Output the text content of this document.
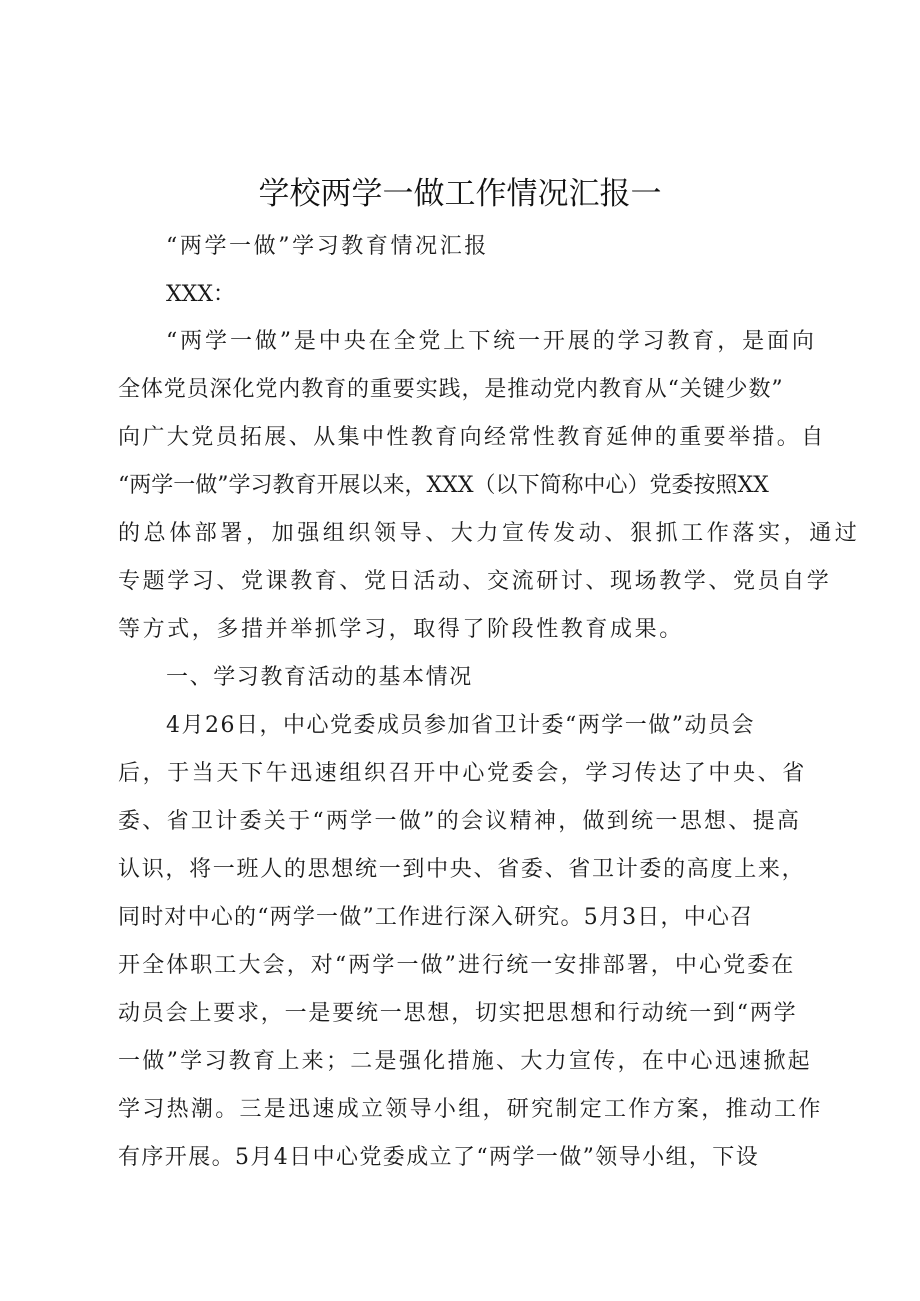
学校两学一做工作情况汇报一
“两学一做”学习教育情况汇报
XXX：
“两学一做”是中央在全党上下统一开展的学习教育，是面向
全体党员深化党内教育的重要实践，是推动党内教育从“关键少数”
向广大党员拓展、从集中性教育向经常性教育延伸的重要举措。自
“两学一做”学习教育开展以来，XXX（以下简称中心）党委按照XX
的总体部署，加强组织领导、大力宣传发动、狠抓工作落实，通过
专题学习、党课教育、党日活动、交流研讨、现场教学、党员自学
等方式，多措并举抓学习，取得了阶段性教育成果。
一、学习教育活动的基本情况
4月26日，中心党委成员参加省卫计委“两学一做”动员会
后，于当天下午迅速组织召开中心党委会，学习传达了中央、省
委、省卫计委关于“两学一做”的会议精神，做到统一思想、提高
认识，将一班人的思想统一到中央、省委、省卫计委的高度上来，
同时对中心的“两学一做”工作进行深入研究。5月3日，中心召
开全体职工大会，对“两学一做”进行统一安排部署，中心党委在
动员会上要求，一是要统一思想，切实把思想和行动统一到“两学
一做”学习教育上来；二是强化措施、大力宣传，在中心迅速掀起
学习热潮。三是迅速成立领导小组，研究制定工作方案，推动工作
有序开展。5月4日中心党委成立了“两学一做”领导小组，下设
